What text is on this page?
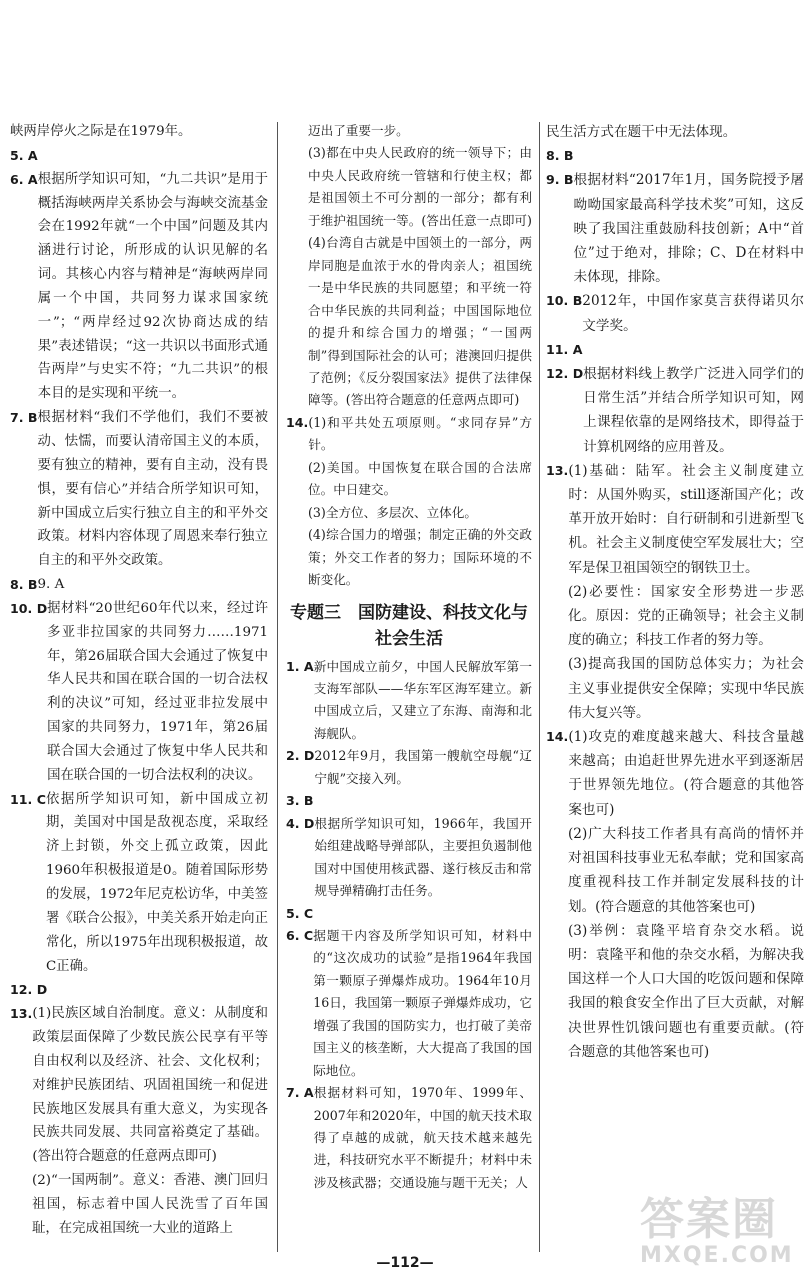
峡两岸停火之际是在1979年。
5. A
6. A 根据所学知识可知，“九二共识”是用于概括海峡两岸关系协会与海峡交流基金会在1992年就“一个中国”问题及其内涵进行讨论，所形成的认识见解的名词。其核心内容与精神是“海峡两岸同属一个中国，共同努力谋求国家统一”；“两岸经过92次协商达成的结果”表述错误；“这一共识以书面形式通告两岸”与史实不符；“九二共识”的根本目的是实现和平统一。
7. B 根据材料“我们不学他们，我们不要被动、怯懦，而要认清帝国主义的本质，要有独立的精神，要有自主动，没有畏惧，要有信心”并结合所学知识可知，新中国成立后实行独立自主的和平外交政策。材料内容体现了周恩来奉行独立自主的和平外交政策。
8. B 9. A
10. D 据材料“20世纪60年代以来，经过许多亚非拉国家的共同努力……1971年，第26届联合国大会通过了恢复中华人民共和国在联合国的一切合法权利的决议”可知，经过亚非拉发展中国家的共同努力，1971年，第26届联合国大会通过了恢复中华人民共和国在联合国的一切合法权利的决议。
11. C 依据所学知识可知，新中国成立初期，美国对中国是敌视态度，采取经济上封锁，外交上孤立政策，因此1960年积极报道是0。随着国际形势的发展，1972年尼克松访华，中美签署《联合公报》，中美关系开始走向正常化，所以1975年出现积极报道，故C正确。
12. D
13. (1)民族区域自治制度。意义：从制度和政策层面保障了少数民族公民享有平等自由权利以及经济、社会、文化权利；对维护民族团结、巩固祖国统一和促进民族地区发展具有重大意义，为实现各民族共同发展、共同富裕奠定了基础。(答出符合题意的任意两点即可)
(2)“一国两制”。意义：香港、澳门回归祖国，标志着中国人民洗雪了百年国耻，在完成祖国统一大业的道路上
迈出了重要一步。
(3)都在中央人民政府的统一领导下；由中央人民政府统一管辖和行使主权；都是祖国领土不可分割的一部分；都有利于维护祖国统一等。(答出任意一点即可)
(4)台湾自古就是中国领土的一部分，两岸同胞是血浓于水的骨肉亲人；祖国统一是中华民族的共同愿望；和平统一符合中华民族的共同利益；中国国际地位的提升和综合国力的增强；“一国两制”得到国际社会的认可；港澳回归提供了范例；《反分裂国家法》提供了法律保障等。(答出符合题意的任意两点即可)
14. (1)和平共处五项原则。“求同存异”方针。
(2)美国。中国恢复在联合国的合法席位。中日建交。
(3)全方位、多层次、立体化。
(4)综合国力的增强；制定正确的外交政策；外交工作者的努力；国际环境的不断变化。
专题三　国防建设、科技文化与社会生活
1. A 新中国成立前夕，中国人民解放军第一支海军部队——华东军区海军建立。新中国成立后，又建立了东海、南海和北海舰队。
2. D 2012年9月，我国第一艘航空母舰“辽宁舰”交接入列。
3. B
4. D 根据所学知识可知，1966年，我国开始组建战略导弹部队，主要担负遏制他国对中国使用核武器、遂行核反击和常规导弹精确打击任务。
5. C
6. C 据题干内容及所学知识可知，材料中的“这次成功的试验”是指1964年我国第一颗原子弹爆炸成功。1964年10月16日，我国第一颗原子弹爆炸成功，它增强了我国的国防实力，也打破了美帝国主义的核垄断，大大提高了我国的国际地位。
7. A 根据材料可知，1970年、1999年、2007年和2020年，中国的航天技术取得了卓越的成就，航天技术越来越先进，科技研究水平不断提升；材料中未涉及核武器；交通设施与题干无关；人
民生活方式在题干中无法体现。
8. B
9. B 根据材料“2017年1月，国务院授予屠呦呦国家最高科学技术奖”可知，这反映了我国注重鼓励科技创新；A中“首位”过于绝对，排除；C、D在材料中未体现，排除。
10. B 2012年，中国作家莫言获得诺贝尔文学奖。
11. A
12. D 根据材料线上教学广泛进入同学们的日常生活”并结合所学知识可知，网上课程依靠的是网络技术，即得益于计算机网络的应用普及。
13. (1)基础：陆军。社会主义制度建立时：从国外购买，still逐渐国产化；改革开放开始时：自行研制和引进新型飞机。社会主义制度使空军发展壮大；空军是保卫祖国领空的钢铁卫士。
(2)必要性：国家安全形势进一步恶化。原因：党的正确领导；社会主义制度的确立；科技工作者的努力等。
(3)提高我国的国防总体实力；为社会主义事业提供安全保障；实现中华民族伟大复兴等。
14. (1)攻克的难度越来越大、科技含量越来越高；由追赶世界先进水平到逐渐居于世界领先地位。(符合题意的其他答案也可)
(2)广大科技工作者具有高尚的情怀并对祖国科技事业无私奉献；党和国家高度重视科技工作并制定发展科技的计划。(符合题意的其他答案也可)
(3)举例：袁隆平培育杂交水稻。说明：袁隆平和他的杂交水稻，为解决我国这样一个人口大国的吃饭问题和保障我国的粮食安全作出了巨大贡献，对解决世界性饥饿问题也有重要贡献。(符合题意的其他答案也可)
—112—
答案圈
MXQE.COM
